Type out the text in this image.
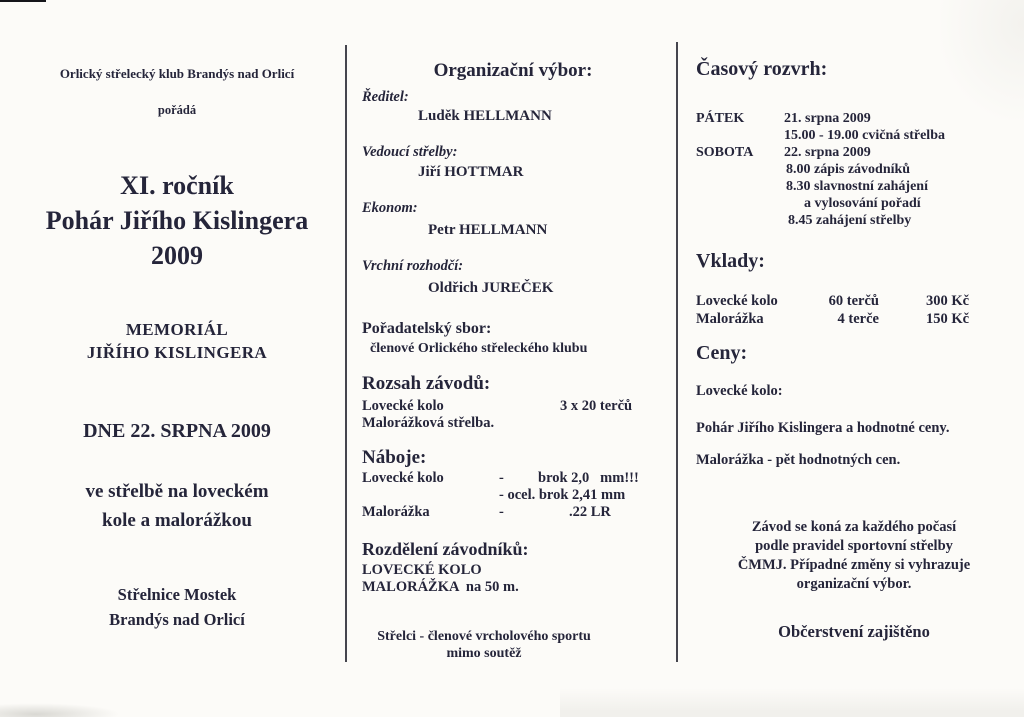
Orlický střelecký klub Brandýs nad Orlicí
pořádá
XI. ročník
Pohár Jiřího Kislingera
2009
MEMORIÁL
JIŘÍHO KISLINGERA
DNE 22. SRPNA 2009
ve střelbě na loveckém
kole a malorážkou
Střelnice Mostek
Brandýs nad Orlicí
Organizační výbor:
Ředitel:
Luděk HELLMANN
Vedoucí střelby:
Jiří HOTTMAR
Ekonom:
Petr HELLMANN
Vrchní rozhodčí:
Oldřich JUREČEK
Pořadatelský sbor:
členové Orlického střeleckého klubu
Rozsah závodů:
Lovecké kolo	3 x 20 terčů
Malorážková střelba.
Náboje:
Lovecké kolo	- brok 2,0   mm!!!
- ocel. brok 2,41 mm
Malorážka	-	.22 LR
Rozdělení závodníků:
LOVECKÉ KOLO
MALORÁŽKA  na 50 m.
Střelci - členové vrcholového sportu
mimo soutěž
Časový rozvrh:
PÁTEK	21. srpna 2009
15.00 - 19.00 cvičná střelba
SOBOTA	22. srpna 2009
8.00 zápis závodníků
8.30 slavnostní zahájení
a vylosování pořadí
8.45 zahájení střelby
Vklady:
Lovecké kolo	60 terčů	300 Kč
Malorážka	4 terče	150 Kč
Ceny:
Lovecké kolo:
Pohár Jiřího Kislingera a hodnotné ceny.
Malorážka - pět hodnotných cen.
Závod se koná za každého počasí
podle pravidel sportovní střelby
ČMMJ. Případné změny si vyhrazuje
organizační výbor.
Občerstvení zajištěno
